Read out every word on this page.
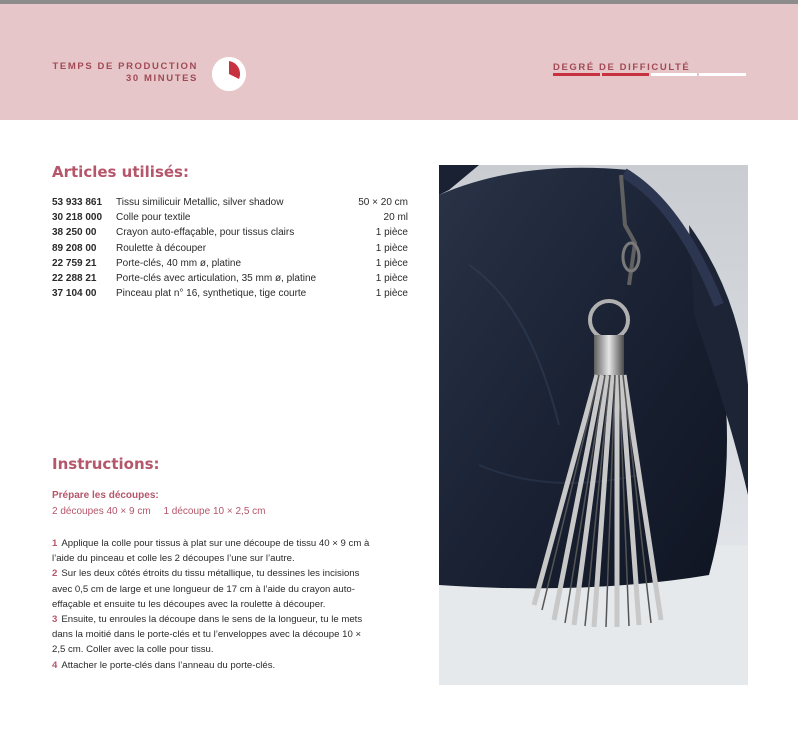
TEMPS DE PRODUCTION
30 MINUTES
DEGRÉ DE DIFFICULTÉ
Articles utilisés:
53 933 861	Tissu similicuir Metallic, silver shadow	50 × 20 cm
30 218 000	Colle pour textile	20 ml
38 250 00	Crayon auto-effaçable, pour tissus clairs	1 pièce
89 208 00	Roulette à découper	1 pièce
22 759 21	Porte-clés, 40 mm ø, platine	1 pièce
22 288 21	Porte-clés avec articulation, 35 mm ø, platine	1 pièce
37 104 00	Pinceau plat n° 16, synthetique, tige courte	1 pièce
Instructions:
Prépare les découpes:
2 découpes 40 × 9 cm 1 découpe 10 × 2,5 cm

1 Applique la colle pour tissus à plat sur une découpe de tissu 40 × 9 cm à l’aide du pinceau et colle les 2 découpes l’une sur l’autre.

2 Sur les deux côtés étroits du tissu métallique, tu dessines les incisions avec 0,5 cm de large et une longueur de 17 cm à l’aide du crayon auto-effaçable et ensuite tu les découpes avec la roulette à découper.

3 Ensuite, tu enroules la découpe dans le sens de la longueur, tu le mets dans la moitié dans le porte-clés et tu l’enveloppes avec la découpe 10 × 2,5 cm. Coller avec la colle pour tissu.

4 Attacher le porte-clés dans l’anneau du porte-clés.
